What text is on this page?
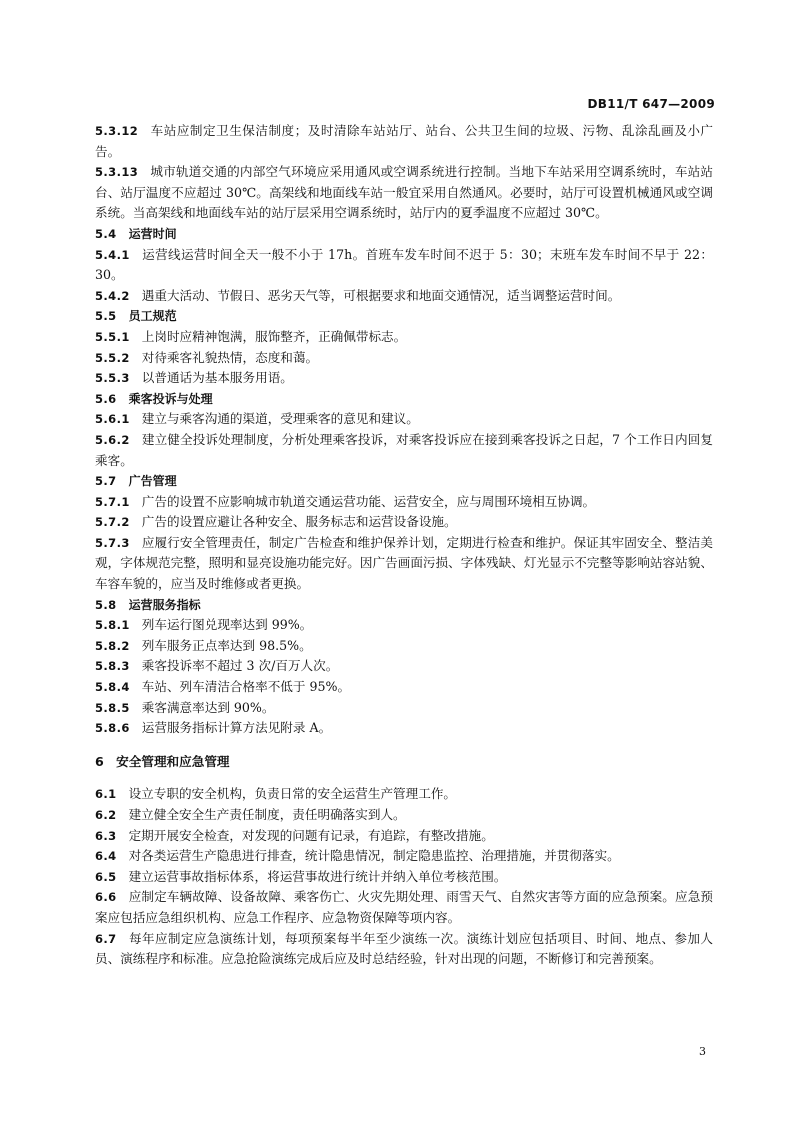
DB11/T 647—2009

5.3.12 车站应制定卫生保洁制度；及时清除车站站厅、站台、公共卫生间的垃圾、污物、乱涂乱画及小广告。

5.3.13 城市轨道交通的内部空气环境应采用通风或空调系统进行控制。当地下车站采用空调系统时，车站站台、站厅温度不应超过 30℃。高架线和地面线车站一般宜采用自然通风。必要时，站厅可设置机械通风或空调系统。当高架线和地面线车站的站厅层采用空调系统时，站厅内的夏季温度不应超过 30℃。

5.4 运营时间

5.4.1 运营线运营时间全天一般不小于 17h。首班车发车时间不迟于 5：30；末班车发车时间不早于 22：30。

5.4.2 遇重大活动、节假日、恶劣天气等，可根据要求和地面交通情况，适当调整运营时间。

5.5 员工规范

5.5.1 上岗时应精神饱满，服饰整齐，正确佩带标志。

5.5.2 对待乘客礼貌热情，态度和蔼。

5.5.3 以普通话为基本服务用语。

5.6 乘客投诉与处理

5.6.1 建立与乘客沟通的渠道，受理乘客的意见和建议。

5.6.2 建立健全投诉处理制度，分析处理乘客投诉，对乘客投诉应在接到乘客投诉之日起，7 个工作日内回复乘客。

5.7 广告管理

5.7.1 广告的设置不应影响城市轨道交通运营功能、运营安全，应与周围环境相互协调。

5.7.2 广告的设置应避让各种安全、服务标志和运营设备设施。

5.7.3 应履行安全管理责任，制定广告检查和维护保养计划，定期进行检查和维护。保证其牢固安全、整洁美观，字体规范完整，照明和显亮设施功能完好。因广告画面污损、字体残缺、灯光显示不完整等影响站容站貌、车容车貌的，应当及时维修或者更换。

5.8 运营服务指标

5.8.1 列车运行图兑现率达到 99%。

5.8.2 列车服务正点率达到 98.5%。

5.8.3 乘客投诉率不超过 3 次/百万人次。

5.8.4 车站、列车清洁合格率不低于 95%。

5.8.5 乘客满意率达到 90%。

5.8.6 运营服务指标计算方法见附录 A。

6 安全管理和应急管理

6.1 设立专职的安全机构，负责日常的安全运营生产管理工作。

6.2 建立健全安全生产责任制度，责任明确落实到人。

6.3 定期开展安全检查，对发现的问题有记录，有追踪，有整改措施。

6.4 对各类运营生产隐患进行排查，统计隐患情况，制定隐患监控、治理措施，并贯彻落实。

6.5 建立运营事故指标体系，将运营事故进行统计并纳入单位考核范围。

6.6 应制定车辆故障、设备故障、乘客伤亡、火灾先期处理、雨雪天气、自然灾害等方面的应急预案。应急预案应包括应急组织机构、应急工作程序、应急物资保障等项内容。

6.7 每年应制定应急演练计划，每项预案每半年至少演练一次。演练计划应包括项目、时间、地点、参加人员、演练程序和标准。应急抢险演练完成后应及时总结经验，针对出现的问题，不断修订和完善预案。

3
